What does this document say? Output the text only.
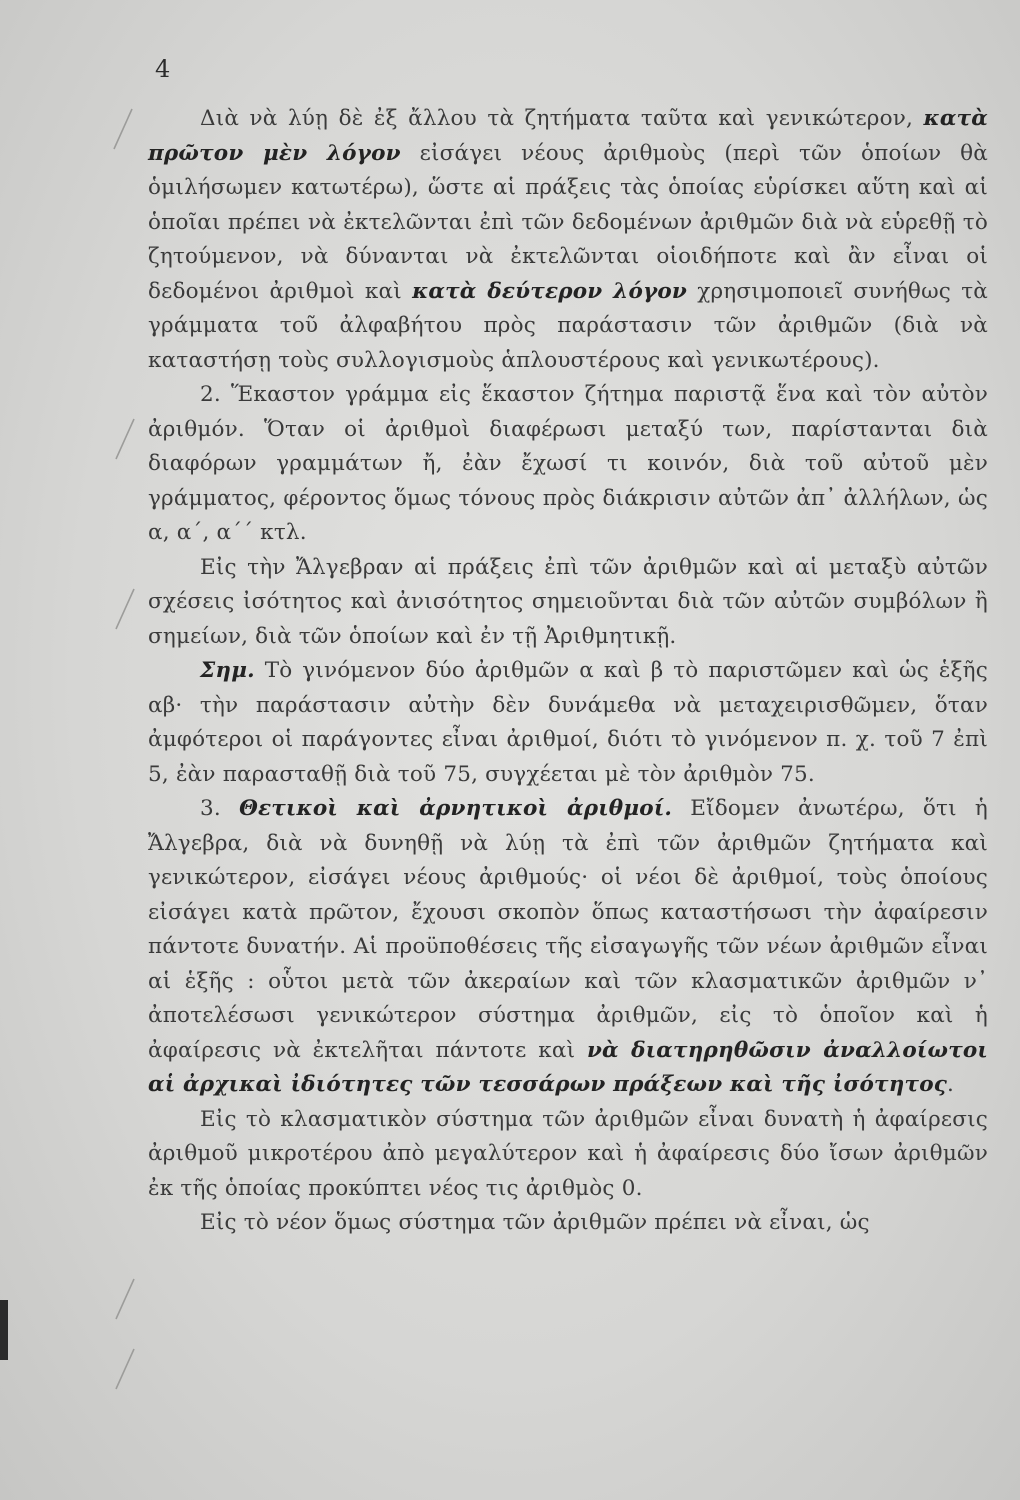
4

Διὰ νὰ λύῃ δὲ ἐξ ἄλλου τὰ ζητήματα ταῦτα καὶ γενικώτερον, κατὰ πρῶτον μὲν λόγον εἰσάγει νέους ἀριθμοὺς (περὶ τῶν ὁποίων θὰ ὁμιλήσωμεν κατωτέρω), ὥστε αἱ πράξεις τὰς ὁποίας εὑρίσκει αὕτη καὶ αἱ ὁποῖαι πρέπει νὰ ἐκτελῶνται ἐπὶ τῶν δεδομένων ἀριθμῶν διὰ νὰ εὑρεθῇ τὸ ζητούμενον, νὰ δύνανται νὰ ἐκτελῶνται οἱοιδήποτε καὶ ἂν εἶναι οἱ δεδομένοι ἀριθμοὶ καὶ κατὰ δεύτερον λόγον χρησιμοποιεῖ συνήθως τὰ γράμματα τοῦ ἀλφαβήτου πρὸς παράστασιν τῶν ἀριθμῶν (διὰ νὰ καταστήσῃ τοὺς συλλογισμοὺς ἁπλουστέρους καὶ γενικωτέρους).

2. Ἕκαστον γράμμα εἰς ἕκαστον ζήτημα παριστᾷ ἕνα καὶ τὸν αὐτὸν ἀριθμόν. Ὅταν οἱ ἀριθμοὶ διαφέρωσι μεταξύ των, παρίστανται διὰ διαφόρων γραμμάτων ἤ, ἐὰν ἔχωσί τι κοινόν, διὰ τοῦ αὐτοῦ μὲν γράμματος, φέροντος ὅμως τόνους πρὸς διάκρισιν αὐτῶν ἀπ᾽ ἀλλήλων, ὡς α, α΄, α΄΄ κτλ.

Εἰς τὴν Ἄλγεβραν αἱ πράξεις ἐπὶ τῶν ἀριθμῶν καὶ αἱ μεταξὺ αὐτῶν σχέσεις ἰσότητος καὶ ἀνισότητος σημειοῦνται διὰ τῶν αὐτῶν συμβόλων ἢ σημείων, διὰ τῶν ὁποίων καὶ ἐν τῇ Ἀριθμητικῇ.

Σημ. Τὸ γινόμενον δύο ἀριθμῶν α καὶ β τὸ παριστῶμεν καὶ ὡς ἑξῆς αβ· τὴν παράστασιν αὐτὴν δὲν δυνάμεθα νὰ μεταχειρισθῶμεν, ὅταν ἀμφότεροι οἱ παράγοντες εἶναι ἀριθμοί, διότι τὸ γινόμενον π. χ. τοῦ 7 ἐπὶ 5, ἐὰν παρασταθῇ διὰ τοῦ 75, συγχέεται μὲ τὸν ἀριθμὸν 75.

3. Θετικοὶ καὶ ἀρνητικοὶ ἀριθμοί. Εἴδομεν ἀνωτέρω, ὅτι ἡ Ἄλγεβρα, διὰ νὰ δυνηθῇ νὰ λύῃ τὰ ἐπὶ τῶν ἀριθμῶν ζητήματα καὶ γενικώτερον, εἰσάγει νέους ἀριθμούς· οἱ νέοι δὲ ἀριθμοί, τοὺς ὁποίους εἰσάγει κατὰ πρῶτον, ἔχουσι σκοπὸν ὅπως καταστήσωσι τὴν ἀφαίρεσιν πάντοτε δυνατήν. Αἱ προϋποθέσεις τῆς εἰσαγωγῆς τῶν νέων ἀριθμῶν εἶναι αἱ ἑξῆς : οὗτοι μετὰ τῶν ἀκεραίων καὶ τῶν κλασματικῶν ἀριθμῶν ν᾽ ἀποτελέσωσι γενικώτερον σύστημα ἀριθμῶν, εἰς τὸ ὁποῖον καὶ ἡ ἀφαίρεσις νὰ ἐκτελῆται πάντοτε καὶ νὰ διατηρηθῶσιν ἀναλλοίωτοι αἱ ἀρχικαὶ ἰδιότητες τῶν τεσσάρων πράξεων καὶ τῆς ἰσότητος.

Εἰς τὸ κλασματικὸν σύστημα τῶν ἀριθμῶν εἶναι δυνατὴ ἡ ἀφαίρεσις ἀριθμοῦ μικροτέρου ἀπὸ μεγαλύτερον καὶ ἡ ἀφαίρεσις δύο ἴσων ἀριθμῶν ἐκ τῆς ὁποίας προκύπτει νέος τις ἀριθμὸς 0.

Εἰς τὸ νέον ὅμως σύστημα τῶν ἀριθμῶν πρέπει νὰ εἶναι, ὡς
